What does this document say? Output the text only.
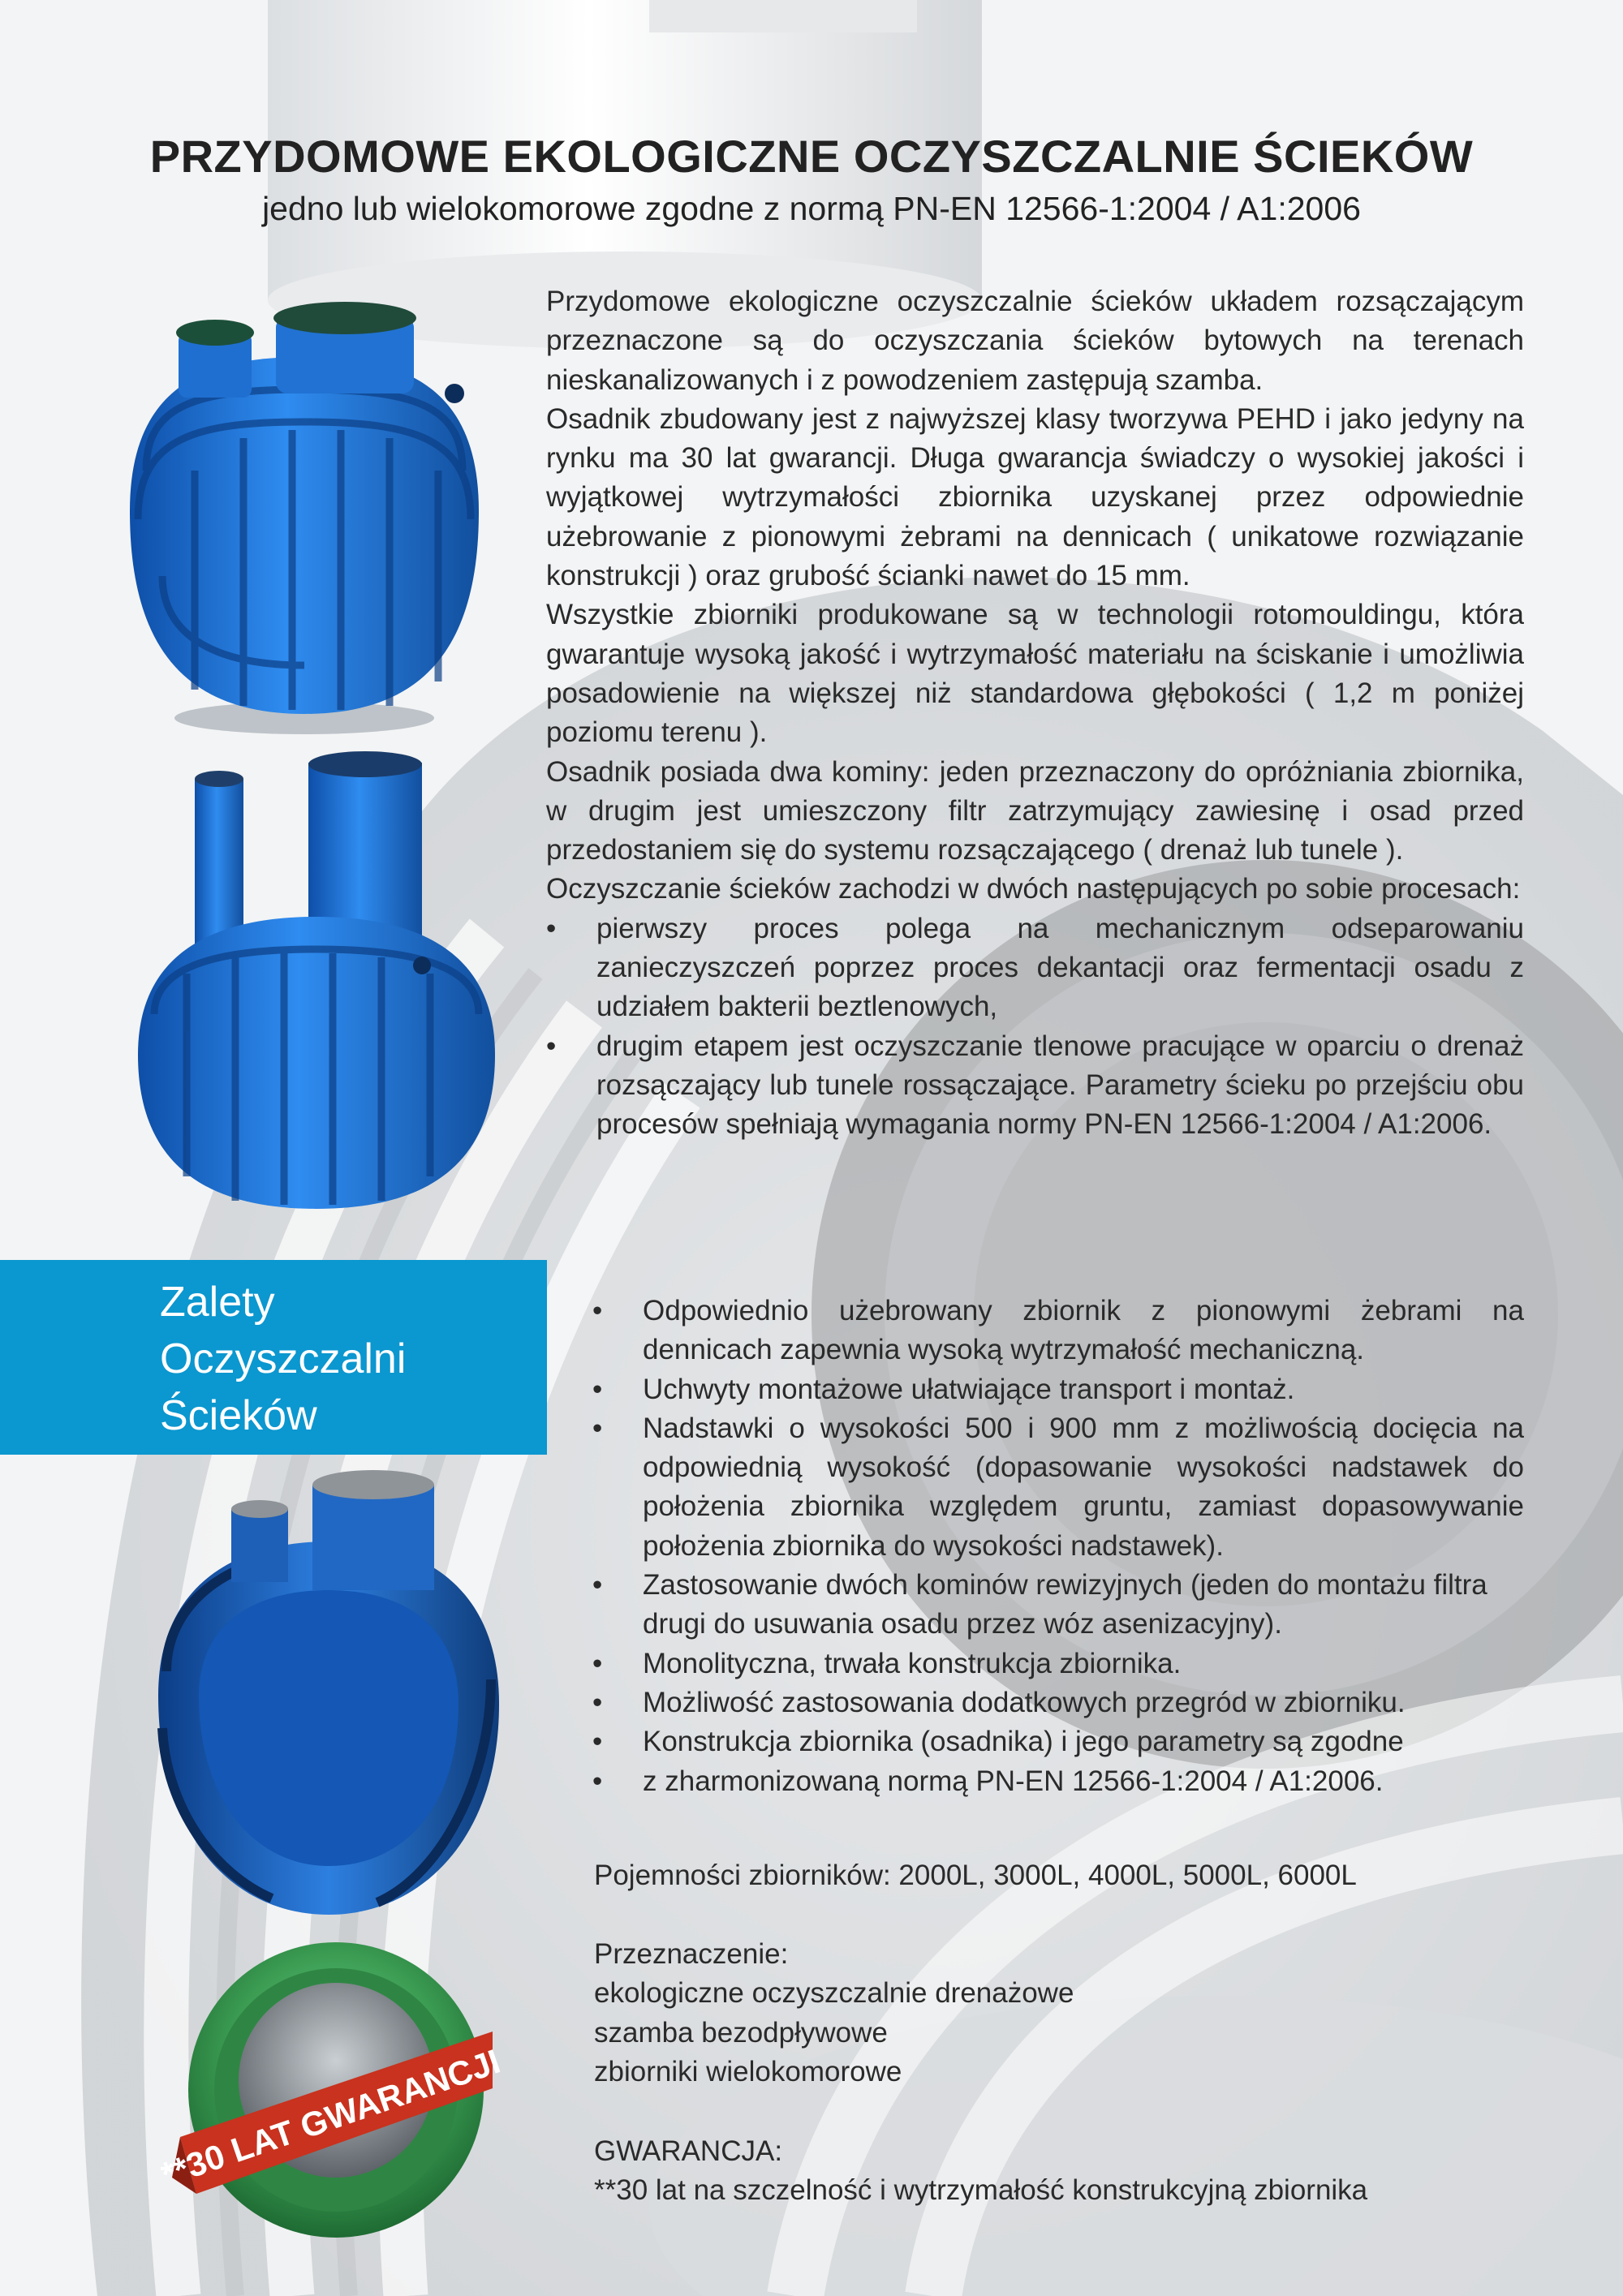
**30 LAT GWARANCJI
PRZYDOMOWE EKOLOGICZNE OCZYSZCZALNIE ŚCIEKÓW
jedno lub wielokomorowe zgodne z normą PN-EN 12566-1:2004 / A1:2006

Przydomowe ekologiczne oczyszczalnie ścieków układem rozsączającym przeznaczone są do oczyszczania ścieków bytowych na terenach nieskanalizowanych i z powodzeniem zastępują szamba.

Osadnik zbudowany jest z najwyższej klasy tworzywa PEHD i jako jedyny na rynku ma 30 lat gwarancji. Długa gwarancja świadczy o wysokiej jakości i wyjątkowej wytrzymałości zbiornika uzyskanej przez odpowiednie użebrowanie z pionowymi żebrami na dennicach ( unikatowe rozwiązanie konstrukcji ) oraz grubość ścianki nawet do 15 mm.

Wszystkie zbiorniki produkowane są w technologii rotomouldingu, która gwarantuje wysoką jakość i wytrzymałość materiału na ściskanie i umożliwia posadowienie na większej niż standardowa głębokości ( 1,2 m poniżej poziomu terenu ).

Osadnik posiada dwa kominy: jeden przeznaczony do opróżniania zbiornika, w drugim jest umieszczony filtr zatrzymujący zawiesinę i osad przed przedostaniem się do systemu rozsączającego ( drenaż lub tunele ).

Oczyszczanie ścieków zachodzi w dwóch następujących po sobie procesach:

• pierwszy proces polega na mechanicznym odseparowaniu zanieczyszczeń poprzez proces dekantacji oraz fermentacji osadu z udziałem bakterii beztlenowych,
• drugim etapem jest oczyszczanie tlenowe pracujące w oparciu o drenaż rozsączający lub tunele rossączające. Parametry ścieku po przejściu obu procesów spełniają wymagania normy PN-EN 12566-1:2004 / A1:2006.
Zalety
Oczyszczalni
Ścieków
• Odpowiednio użebrowany zbiornik z pionowymi żebrami na dennicach zapewnia wysoką wytrzymałość mechaniczną.
• Uchwyty montażowe ułatwiające transport i montaż.
• Nadstawki o wysokości 500 i 900 mm z możliwością docięcia na odpowiednią wysokość (dopasowanie wysokości nadstawek do położenia zbiornika względem gruntu, zamiast dopasowywanie położenia zbiornika do wysokości nadstawek).
• Zastosowanie dwóch kominów rewizyjnych (jeden do montażu filtra drugi do usuwania osadu przez wóz asenizacyjny).
• Monolityczna, trwała konstrukcja zbiornika.
• Możliwość zastosowania dodatkowych przegród w zbiorniku.
• Konstrukcja zbiornika (osadnika) i jego parametry są zgodne
• z zharmonizowaną normą PN-EN 12566-1:2004 / A1:2006.
Pojemności zbiorników: 2000L, 3000L, 4000L, 5000L, 6000L
Przeznaczenie:
ekologiczne oczyszczalnie drenażowe
szamba bezodpływowe
zbiorniki wielokomorowe
GWARANCJA:
**30 lat na szczelność i wytrzymałość konstrukcyjną zbiornika
